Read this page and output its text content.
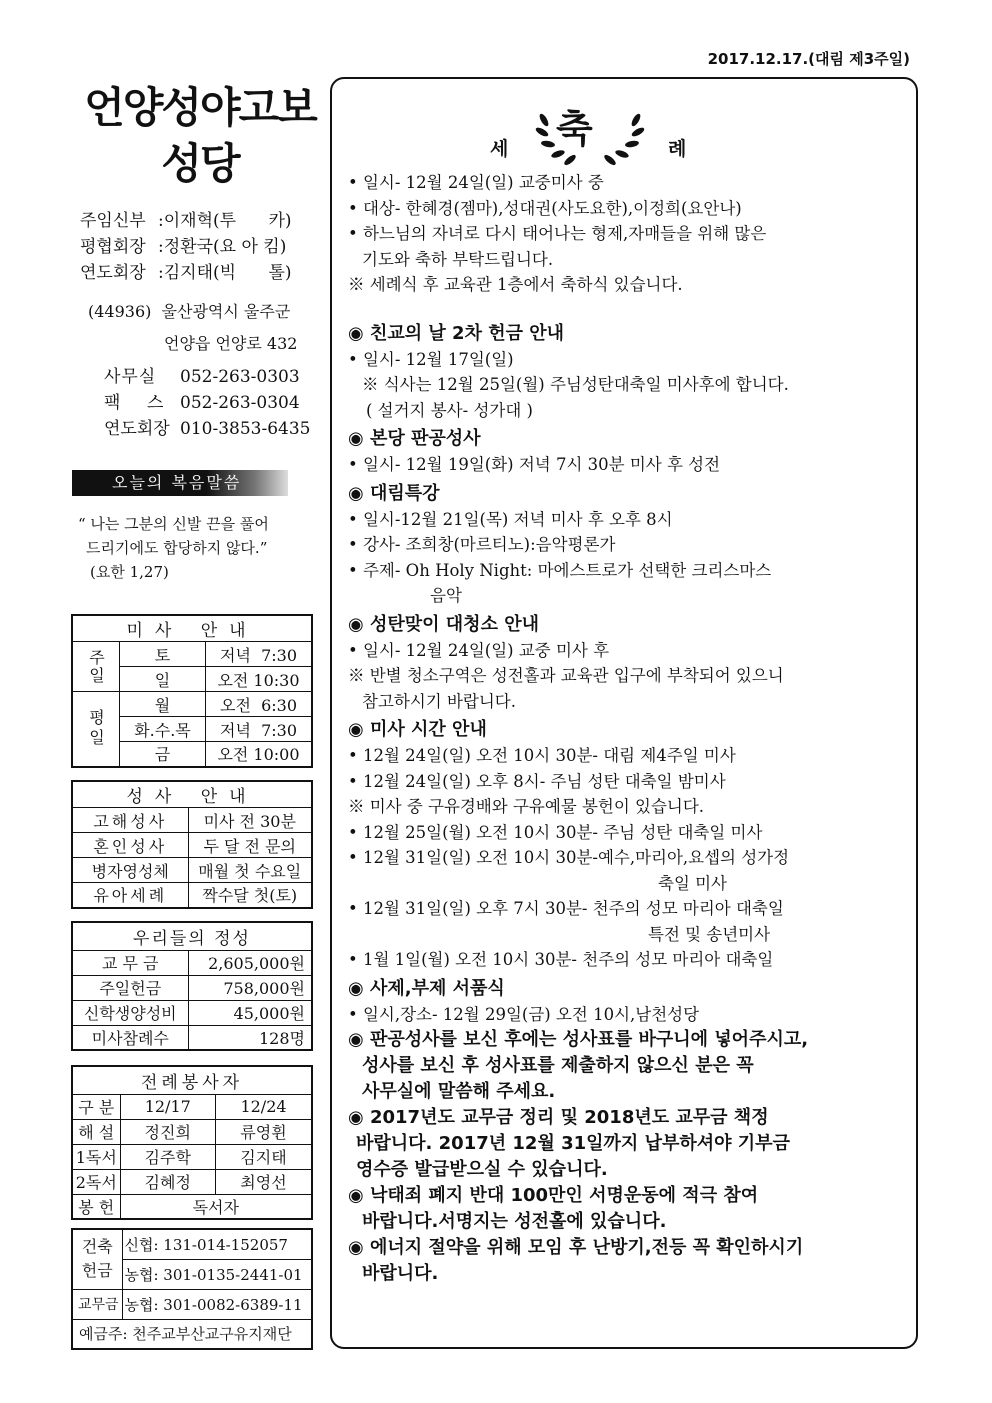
2017.12.17.(대림 제3주일)
언양성야고보
성당
주임신부 :이재혁(투      카)
평협회장 :정환국(요 아 킴)
연도회장 :김지태(빅      톨)
(44936)  울산광역시 울주군
언양읍 언양로 432
사무실	052-263-0303
팩    스 052-263-0304
연도회장 010-3853-6435
오늘의 복음말씀
“ 나는 그분의 신발 끈을 풀어
드리기에도 합당하지 않다.”
(요한 1,27)
미사 안내		
주일	토	저녁  7:30
	일	오전 10:30
평일	월	오전  6:30
	화.수.목	저녁  7:30
	금	오전 10:00
성사 안내	
고해성사	미사 전 30분
혼인성사	두 달 전 문의
병자영성체	매월 첫 수요일
유아세례	짝수달 첫(토)
우리들의 정성	
교 무 금	2,605,000원
주일헌금	758,000원
신학생양성비	45,000원
미사참례수	128명
전례봉사자		
구 분	12/17	12/24
해 설	정진희	류영휜
1독서	김주학	김지태
2독서	김혜정	최영선
봉 헌	독서자	
건축헌금	신협: 131-014-152057
	농협: 301-0135-2441-01
교무금	농협: 301-0082-6389-11
예금주: 천주교부산교구유지재단	
세 축	례
• 일시- 12월 24일(일) 교중미사 중
• 대상- 한혜경(젬마),성대권(사도요한),이정희(요안나)
• 하느님의 자녀로 다시 태어나는 형제,자매들을 위해 많은
기도와 축하 부탁드립니다.
※ 세례식 후 교육관 1층에서 축하식 있습니다.
◉ 친교의 날 2차 헌금 안내
• 일시- 12월 17일(일)
※ 식사는 12월 25일(월) 주님성탄대축일 미사후에 합니다.
( 설거지 봉사- 성가대 )
◉ 본당 판공성사
• 일시- 12월 19일(화) 저녁 7시 30분 미사 후 성전
◉ 대림특강
• 일시-12월 21일(목) 저녁 미사 후 오후 8시
• 강사- 조희창(마르티노):음악평론가
• 주제- Oh Holy Night: 마에스트로가 선택한 크리스마스
음악
◉ 성탄맞이 대청소 안내
• 일시- 12월 24일(일) 교중 미사 후
※ 반별 청소구역은 성전홀과 교육관 입구에 부착되어 있으니
참고하시기 바랍니다.
◉ 미사 시간 안내
• 12월 24일(일) 오전 10시 30분- 대림 제4주일 미사
• 12월 24일(일) 오후 8시- 주님 성탄 대축일 밤미사
※ 미사 중 구유경배와 구유예물 봉헌이 있습니다.
• 12월 25일(월) 오전 10시 30분- 주님 성탄 대축일 미사
• 12월 31일(일) 오전 10시 30분-예수,마리아,요셉의 성가정
축일 미사
• 12월 31일(일) 오후 7시 30분- 천주의 성모 마리아 대축일
특전 및 송년미사
• 1월 1일(월) 오전 10시 30분- 천주의 성모 마리아 대축일
◉ 사제,부제 서품식
• 일시,장소- 12월 29일(금) 오전 10시,남천성당
◉ 판공성사를 보신 후에는 성사표를 바구니에 넣어주시고,
성사를 보신 후 성사표를 제출하지 않으신 분은 꼭
사무실에 말씀해 주세요.
◉ 2017년도 교무금 정리 및 2018년도 교무금 책정
바랍니다. 2017년 12월 31일까지 납부하셔야 기부금
영수증 발급받으실 수 있습니다.
◉ 낙태죄 폐지 반대 100만인 서명운동에 적극 참여
바랍니다.서명지는 성전홀에 있습니다.
◉ 에너지 절약을 위해 모임 후 난방기,전등 꼭 확인하시기
바랍니다.
